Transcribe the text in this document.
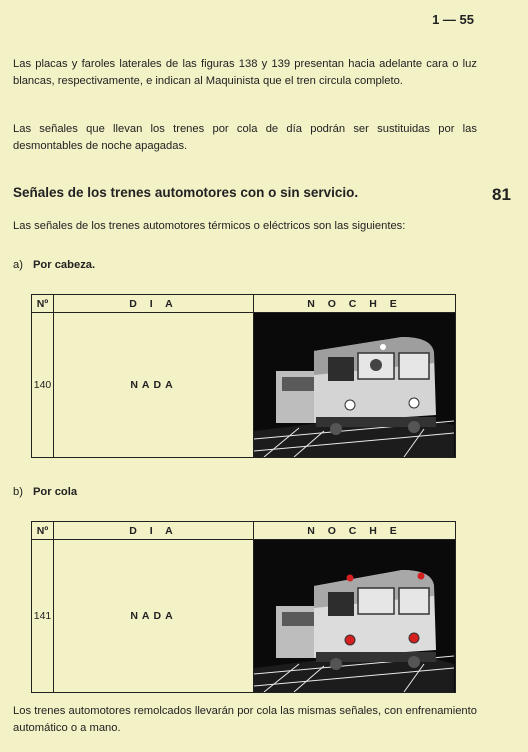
1 — 55

Las placas y faroles laterales de las figuras 138 y 139 presentan hacia adelante cara o luz blancas, respectivamente, e indican al Maquinista que el tren circula completo.

Las señales que llevan los trenes por cola de día podrán ser sustituidas por las desmontables de noche apagadas.

Señales de los trenes automotores con o sin servicio.	81

Las señales de los trenes automotores térmicos o eléctricos son las siguientes:

a) Por cabeza.
Nº	D I A	N O C H E
140	NADA	
b) Por cola
Nº	D I A	N O C H E
141	NADA	

Los trenes automotores remolcados llevarán por cola las mismas señales, con enfrenamiento automático o a mano.
